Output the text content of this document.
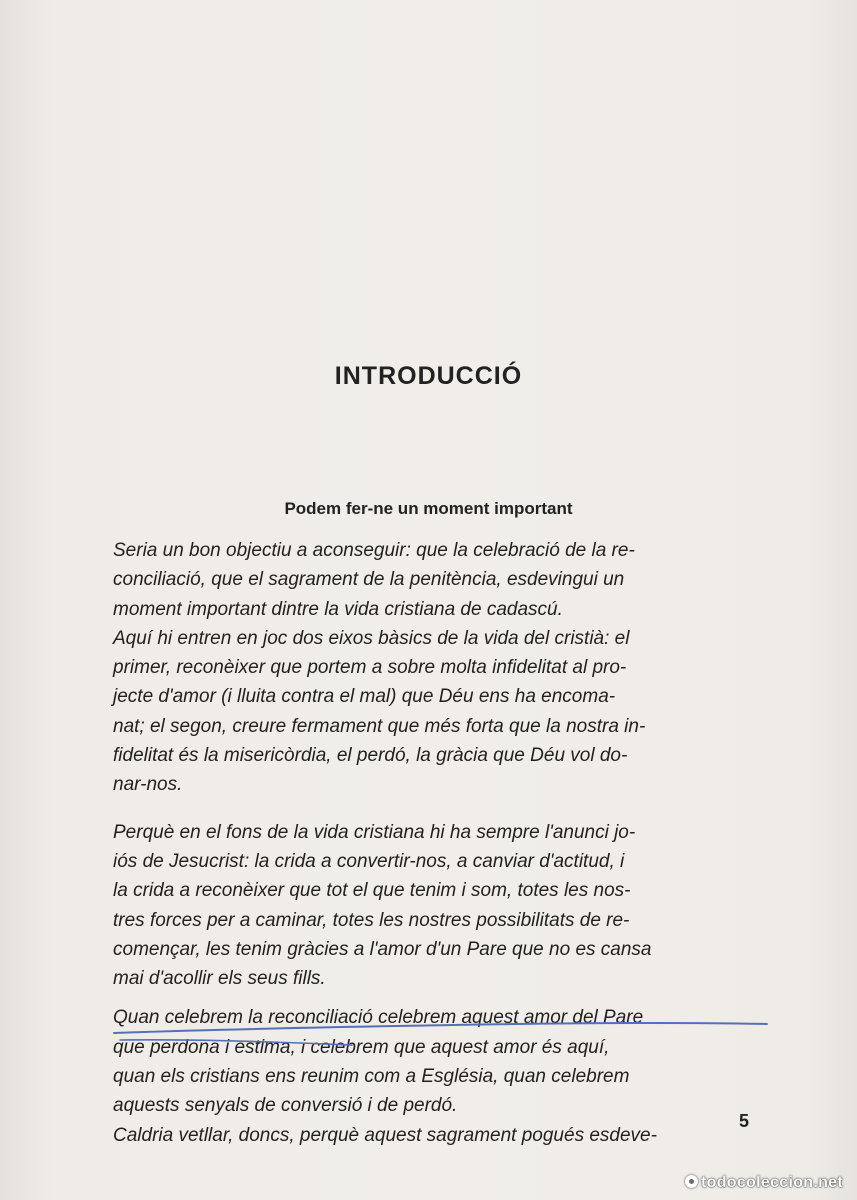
INTRODUCCIÓ
Podem fer-ne un moment important

Seria un bon objectiu a aconseguir: que la celebració de la re-
conciliació, que el sagrament de la penitència, esdevingui un
moment important dintre la vida cristiana de cadascú.

Aquí hi entren en joc dos eixos bàsics de la vida del cristià: el
primer, reconèixer que portem a sobre molta infidelitat al pro-
jecte d'amor (i lluita contra el mal) que Déu ens ha encoma-
nat; el segon, creure fermament que més forta que la nostra in-
fidelitat és la misericòrdia, el perdó, la gràcia que Déu vol do-
nar-nos.

Perquè en el fons de la vida cristiana hi ha sempre l'anunci jo-
iós de Jesucrist: la crida a convertir-nos, a canviar d'actitud, i
la crida a reconèixer que tot el que tenim i som, totes les nos-
tres forces per a caminar, totes les nostres possibilitats de re-
començar, les tenim gràcies a l'amor d'un Pare que no es cansa
mai d'acollir els seus fills.

Quan celebrem la reconciliació celebrem aquest amor del Pare
que perdona i estima, i celebrem que aquest amor és aquí,
quan els cristians ens reunim com a Església, quan celebrem
aquests senyals de conversió i de perdó.

Caldria vetllar, doncs, perquè aquest sagrament pogués esdeve-

5
todocoleccion.net
